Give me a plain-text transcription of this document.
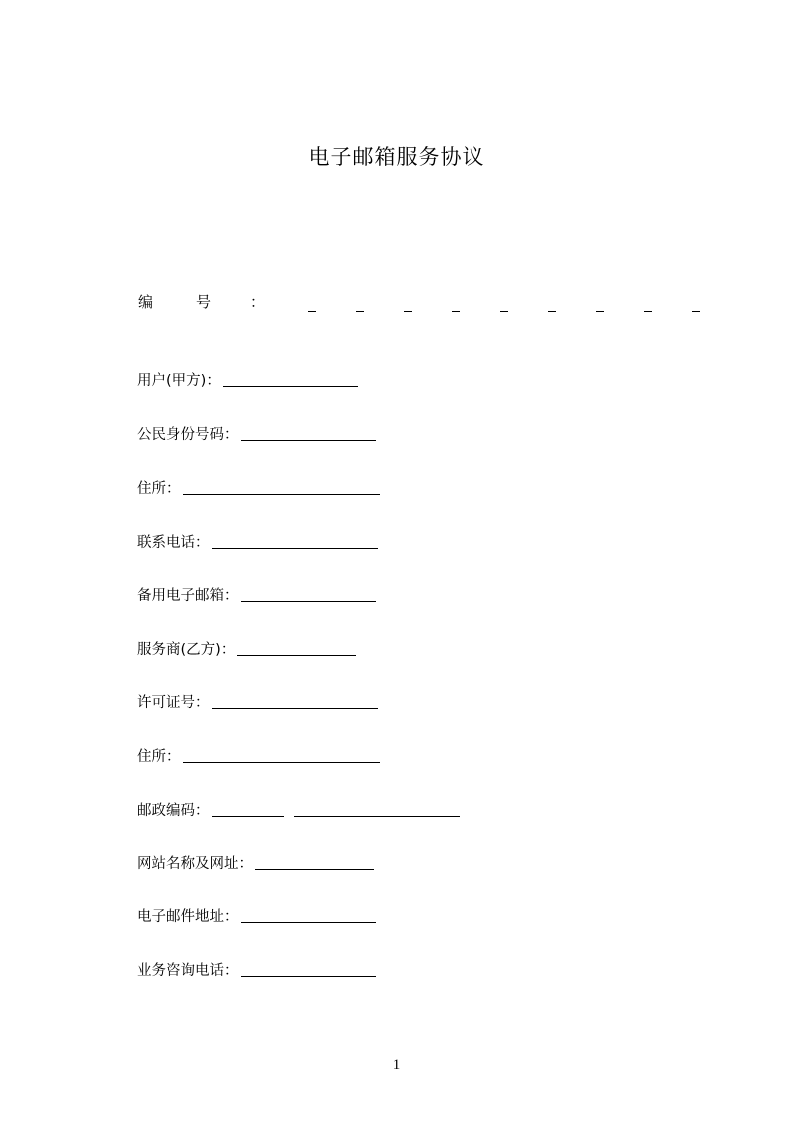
电子邮箱服务协议
编	号	：
用户(甲方)：
公民身份号码：
住所：
联系电话：
备用电子邮箱：
服务商(乙方)：
许可证号：
住所：
邮政编码：
网站名称及网址：
电子邮件地址：
业务咨询电话：
1
